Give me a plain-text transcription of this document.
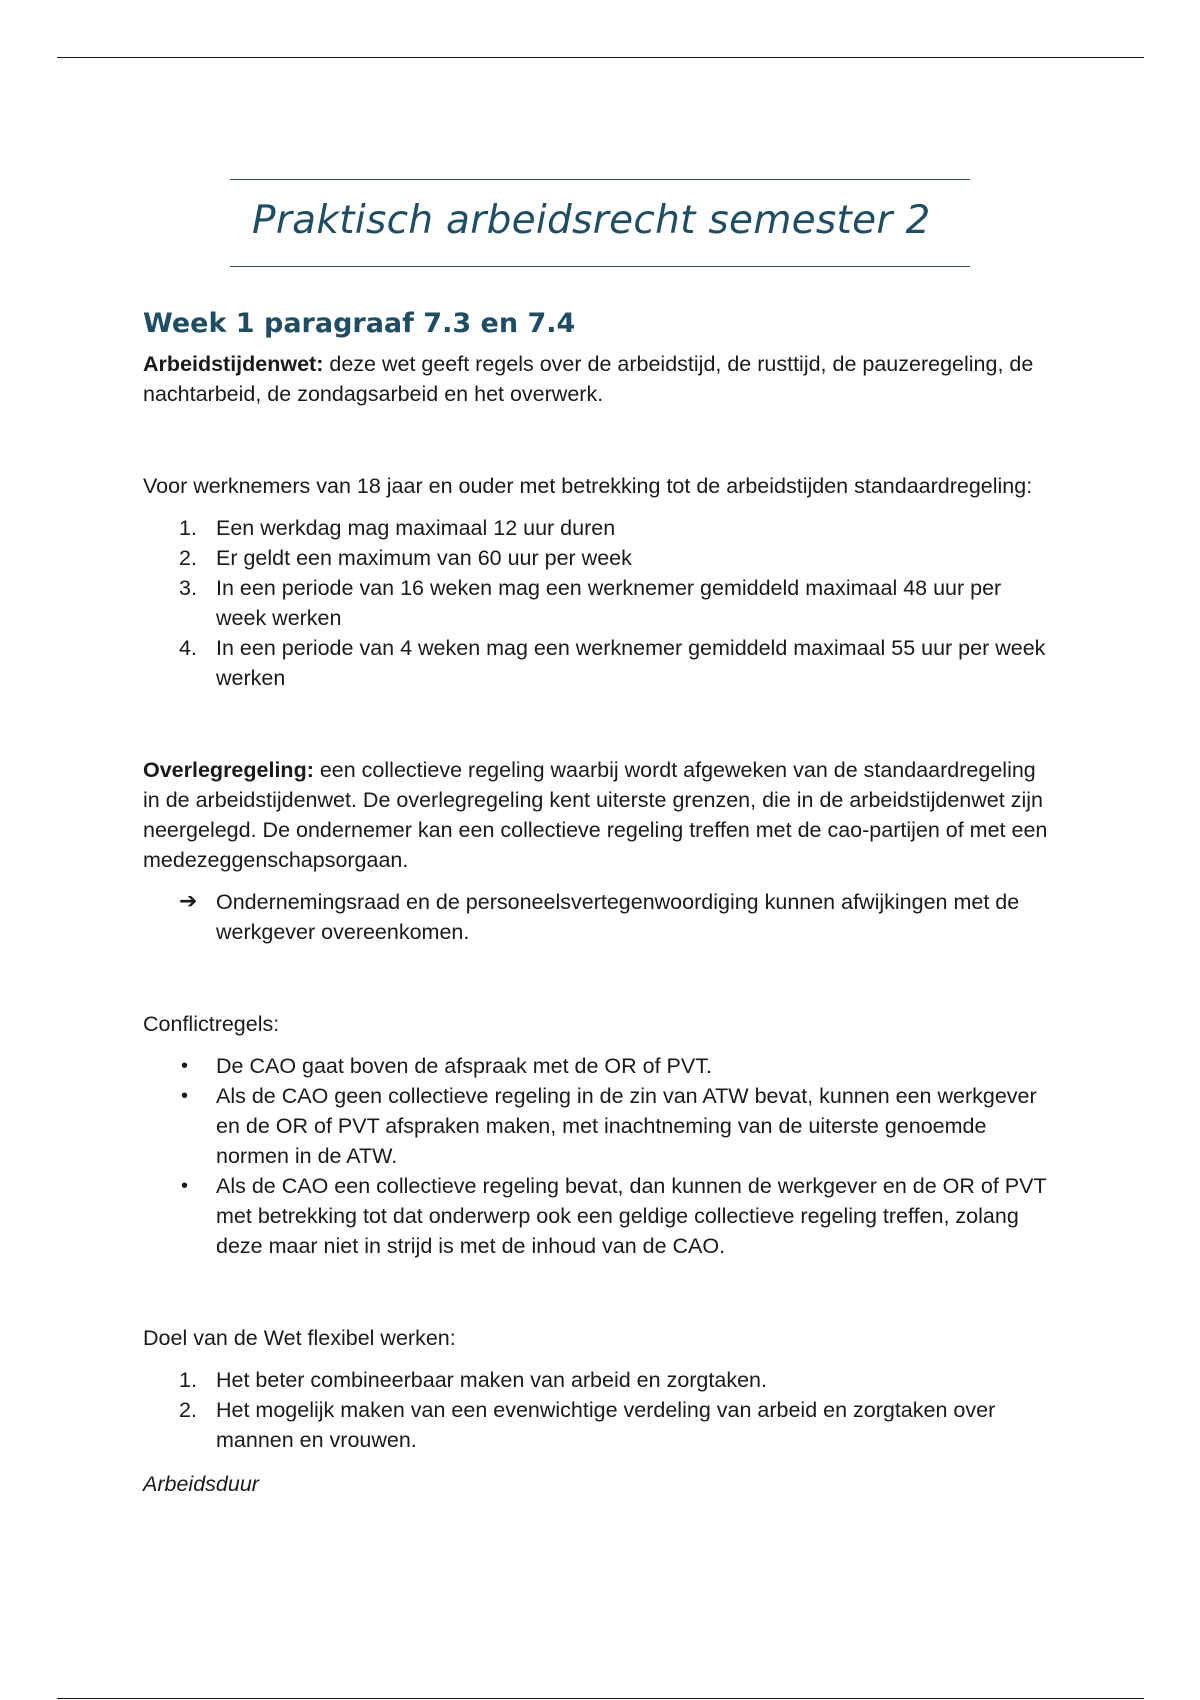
Praktisch arbeidsrecht semester 2
Week 1 paragraaf 7.3 en 7.4

Arbeidstijdenwet: deze wet geeft regels over de arbeidstijd, de rusttijd, de pauzeregeling, de nachtarbeid, de zondagsarbeid en het overwerk.

Voor werknemers van 18 jaar en ouder met betrekking tot de arbeidstijden standaardregeling:

1. Een werkdag mag maximaal 12 uur duren
2. Er geldt een maximum van 60 uur per week
3. In een periode van 16 weken mag een werknemer gemiddeld maximaal 48 uur per week werken
4. In een periode van 4 weken mag een werknemer gemiddeld maximaal 55 uur per week werken

Overlegregeling: een collectieve regeling waarbij wordt afgeweken van de standaardregeling in de arbeidstijdenwet. De overlegregeling kent uiterste grenzen, die in de arbeidstijdenwet zijn neergelegd. De ondernemer kan een collectieve regeling treffen met de cao-partijen of met een medezeggenschapsorgaan.

➔ Ondernemingsraad en de personeelsvertegenwoordiging kunnen afwijkingen met de werkgever overeenkomen.

Conflictregels:

• De CAO gaat boven de afspraak met de OR of PVT.
• Als de CAO geen collectieve regeling in de zin van ATW bevat, kunnen een werkgever en de OR of PVT afspraken maken, met inachtneming van de uiterste genoemde normen in de ATW.
• Als de CAO een collectieve regeling bevat, dan kunnen de werkgever en de OR of PVT met betrekking tot dat onderwerp ook een geldige collectieve regeling treffen, zolang deze maar niet in strijd is met de inhoud van de CAO.

Doel van de Wet flexibel werken:

1. Het beter combineerbaar maken van arbeid en zorgtaken.
2. Het mogelijk maken van een evenwichtige verdeling van arbeid en zorgtaken over mannen en vrouwen.

Arbeidsduur
